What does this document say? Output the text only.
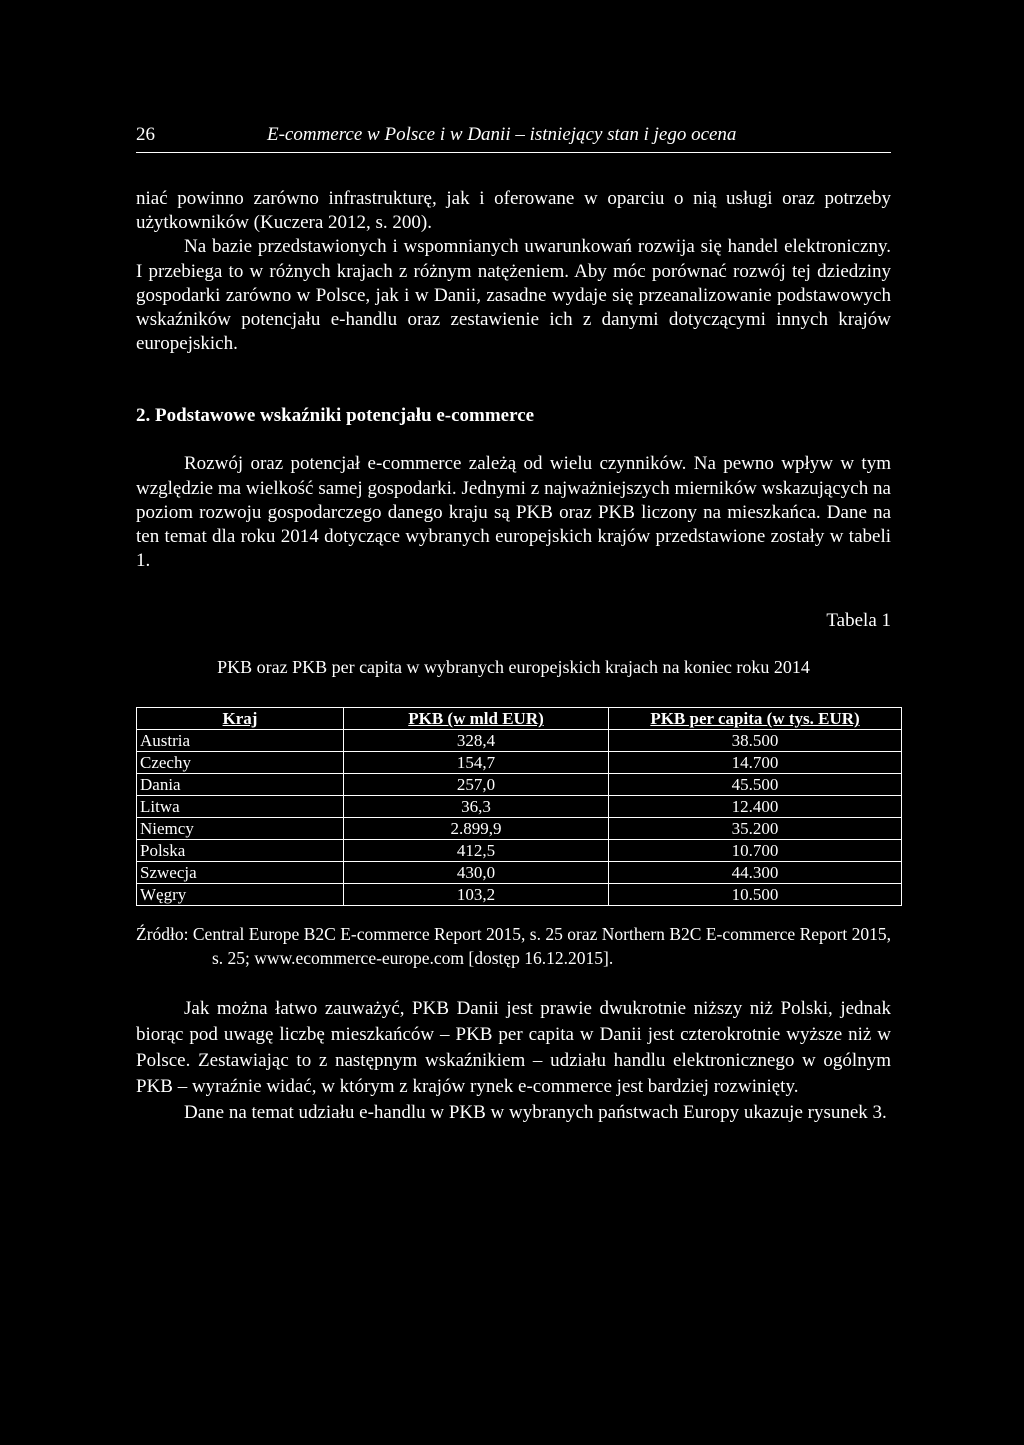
26	E-commerce w Polsce i w Danii – istniejący stan i jego ocena

niać powinno zarówno infrastrukturę, jak i oferowane w oparciu o nią usługi oraz potrzeby użytkowników (Kuczera 2012, s. 200).

Na bazie przedstawionych i wspomnianych uwarunkowań rozwija się handel elektroniczny. I przebiega to w różnych krajach z różnym natężeniem. Aby móc porównać rozwój tej dziedziny gospodarki zarówno w Polsce, jak i w Danii, zasadne wydaje się przeanalizowanie podstawowych wskaźników potencjału e-handlu oraz zestawienie ich z danymi dotyczącymi innych krajów europejskich.

2. Podstawowe wskaźniki potencjału e-commerce

Rozwój oraz potencjał e-commerce zależą od wielu czynników. Na pewno wpływ w tym względzie ma wielkość samej gospodarki. Jednymi z najważniejszych mierników wskazujących na poziom rozwoju gospodarczego danego kraju są PKB oraz PKB liczony na mieszkańca. Dane na ten temat dla roku 2014 dotyczące wybranych europejskich krajów przedstawione zostały w tabeli 1.

Tabela 1
PKB oraz PKB per capita w wybranych europejskich krajach na koniec roku 2014
Kraj	PKB (w mld EUR)	PKB per capita (w tys. EUR)
Austria	328,4	38.500
Czechy	154,7	14.700
Dania	257,0	45.500
Litwa	36,3	12.400
Niemcy	2.899,9	35.200
Polska	412,5	10.700
Szwecja	430,0	44.300
Węgry	103,2	10.500
Źródło: Central Europe B2C E-commerce Report 2015, s. 25 oraz Northern B2C E-commerce Report 2015, s. 25; www.ecommerce-europe.com [dostęp 16.12.2015].

Jak można łatwo zauważyć, PKB Danii jest prawie dwukrotnie niższy niż Polski, jednak biorąc pod uwagę liczbę mieszkańców – PKB per capita w Danii jest czterokrotnie wyższe niż w Polsce. Zestawiając to z następnym wskaźnikiem – udziału handlu elektronicznego w ogólnym PKB – wyraźnie widać, w którym z krajów rynek e-commerce jest bardziej rozwinięty.

Dane na temat udziału e-handlu w PKB w wybranych państwach Europy ukazuje rysunek 3.
